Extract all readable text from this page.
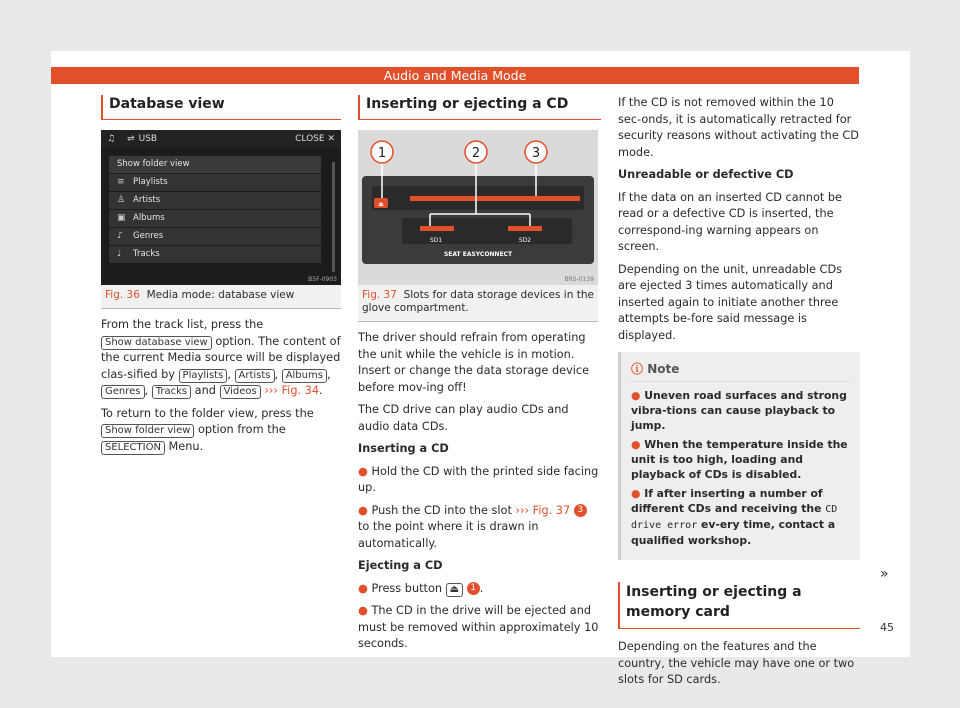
Audio and Media Mode
Database view
♫ ⇌ USB	CLOSE ✕
Show folder view
≡ Playlists
♙ Artists
▣ Albums
♪ Genres
♩ Tracks
B5F-0903
Fig. 36 Media mode: database view

From the track list, press the Show database view option. The content of the current Media source will be displayed clas-sified by Playlists , Artists , Albums , Genres , Tracks and Videos ››› Fig. 34.

To return to the folder view, press the Show folder view option from the SELECTION Menu.

Inserting or ejecting a CD
⏏
SD1	SD2
SEAT EASYCONNECT
1	2	3
BRS-0139
Fig. 37 Slots for data storage devices in the glove compartment.

The driver should refrain from operating the unit while the vehicle is in motion. Insert or change the data storage device before mov-ing off!

The CD drive can play audio CDs and audio data CDs.

Inserting a CD

● Hold the CD with the printed side facing up.

● Push the CD into the slot ››› Fig. 37 3 to the point where it is drawn in automatically.

Ejecting a CD

● Press button ⏏ 1 .

● The CD in the drive will be ejected and must be removed within approximately 10 seconds.

If the CD is not removed within the 10 sec-onds, it is automatically retracted for security reasons without activating the CD mode.

Unreadable or defective CD

If the data on an inserted CD cannot be read or a defective CD is inserted, the correspond-ing warning appears on screen.

Depending on the unit, unreadable CDs are ejected 3 times automatically and inserted again to initiate another three attempts be-fore said message is displayed.

ⓘ Note
● Uneven road surfaces and strong vibra-tions can cause playback to jump.
● When the temperature inside the unit is too high, loading and playback of CDs is disabled.
● If after inserting a number of different CDs and receiving the CD drive error ev-ery time, contact a qualified workshop.
Inserting or ejecting a memory card

Depending on the features and the country, the vehicle may have one or two slots for SD cards.

»
45
